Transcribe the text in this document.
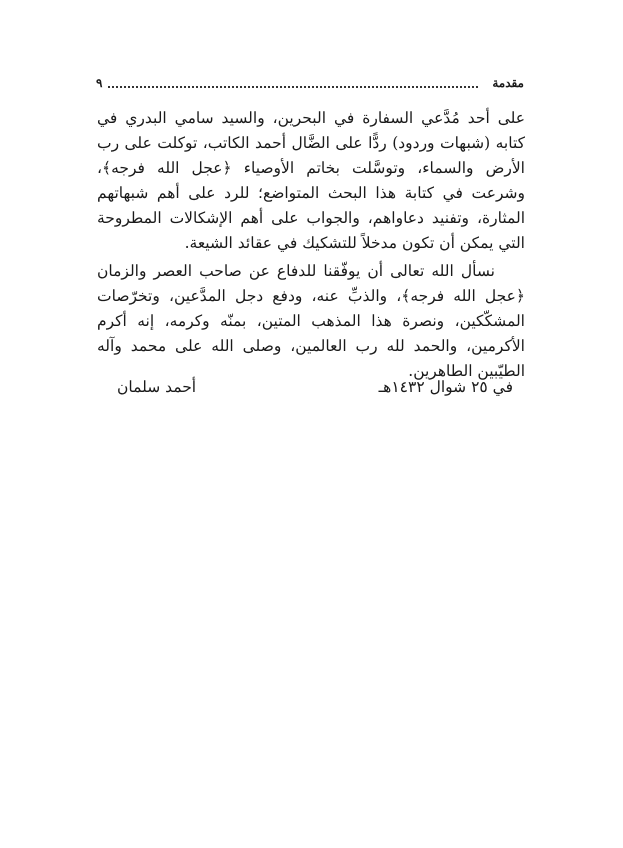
مقدمة
٩

على أحد مُدَّعي السفارة في البحرين، والسيد سامي البدري في كتابه (شبهات وردود) ردًّا على الضَّال أحمد الكاتب، توكلت على رب الأرض والسماء، وتوسَّلت بخاتم الأوصياء ﴿عجل الله فرجه﴾، وشرعت في كتابة هذا البحث المتواضع؛ للرد على أهم شبهاتهم المثارة، وتفنيد دعاواهم، والجواب على أهم الإشكالات المطروحة التي يمكن أن تكون مدخلاً للتشكيك في عقائد الشيعة.

نسأل الله تعالى أن يوفّقنا للدفاع عن صاحب العصر والزمان ﴿عجل الله فرجه﴾، والذبِّ عنه، ودفع دجل المدَّعين، وتخرّصات المشكّكين، ونصرة هذا المذهب المتين، بمنّه وكرمه، إنه أكرم الأكرمين، والحمد لله رب العالمين، وصلى الله على محمد وآله الطيّبين الطاهرين.

في ٢٥ شوال ١٤٣٢هـ
أحمد سلمان
